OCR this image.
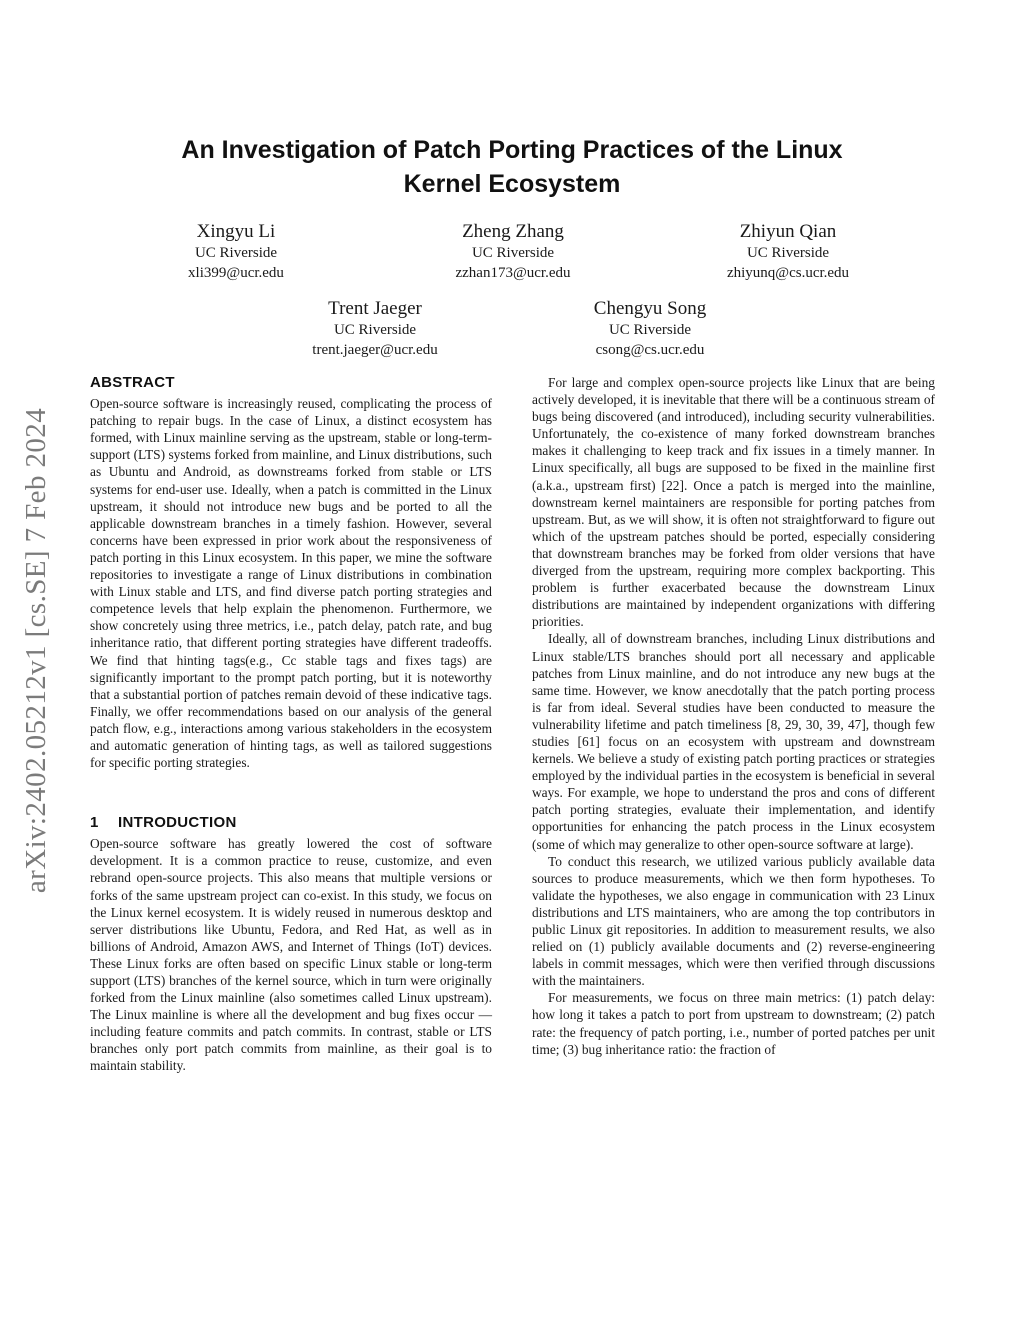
arXiv:2402.05212v1 [cs.SE] 7 Feb 2024
An Investigation of Patch Porting Practices of the Linux Kernel Ecosystem
Xingyu Li
UC Riverside
xli399@ucr.edu
Zheng Zhang
UC Riverside
zzhan173@ucr.edu
Zhiyun Qian
UC Riverside
zhiyunq@cs.ucr.edu
Trent Jaeger
UC Riverside
trent.jaeger@ucr.edu
Chengyu Song
UC Riverside
csong@cs.ucr.edu
ABSTRACT

Open-source software is increasingly reused, complicating the process of patching to repair bugs. In the case of Linux, a distinct ecosystem has formed, with Linux mainline serving as the upstream, stable or long-term-support (LTS) systems forked from mainline, and Linux distributions, such as Ubuntu and Android, as downstreams forked from stable or LTS systems for end-user use. Ideally, when a patch is committed in the Linux upstream, it should not introduce new bugs and be ported to all the applicable downstream branches in a timely fashion. However, several concerns have been expressed in prior work about the responsiveness of patch porting in this Linux ecosystem. In this paper, we mine the software repositories to investigate a range of Linux distributions in combination with Linux stable and LTS, and find diverse patch porting strategies and competence levels that help explain the phenomenon. Furthermore, we show concretely using three metrics, i.e., patch delay, patch rate, and bug inheritance ratio, that different porting strategies have different tradeoffs. We find that hinting tags(e.g., Cc stable tags and fixes tags) are significantly important to the prompt patch porting, but it is noteworthy that a substantial portion of patches remain devoid of these indicative tags. Finally, we offer recommendations based on our analysis of the general patch flow, e.g., interactions among various stakeholders in the ecosystem and automatic generation of hinting tags, as well as tailored suggestions for specific porting strategies.

1 INTRODUCTION

Open-source software has greatly lowered the cost of software development. It is a common practice to reuse, customize, and even rebrand open-source projects. This also means that multiple versions or forks of the same upstream project can co-exist. In this study, we focus on the Linux kernel ecosystem. It is widely reused in numerous desktop and server distributions like Ubuntu, Fedora, and Red Hat, as well as in billions of Android, Amazon AWS, and Internet of Things (IoT) devices. These Linux forks are often based on specific Linux stable or long-term support (LTS) branches of the kernel source, which in turn were originally forked from the Linux mainline (also sometimes called Linux upstream). The Linux mainline is where all the development and bug fixes occur — including feature commits and patch commits. In contrast, stable or LTS branches only port patch commits from mainline, as their goal is to maintain stability.

For large and complex open-source projects like Linux that are being actively developed, it is inevitable that there will be a continuous stream of bugs being discovered (and introduced), including security vulnerabilities. Unfortunately, the co-existence of many forked downstream branches makes it challenging to keep track and fix issues in a timely manner. In Linux specifically, all bugs are supposed to be fixed in the mainline first (a.k.a., upstream first) [22]. Once a patch is merged into the mainline, downstream kernel maintainers are responsible for porting patches from upstream. But, as we will show, it is often not straightforward to figure out which of the upstream patches should be ported, especially considering that downstream branches may be forked from older versions that have diverged from the upstream, requiring more complex backporting. This problem is further exacerbated because the downstream Linux distributions are maintained by independent organizations with differing priorities.

Ideally, all of downstream branches, including Linux distributions and Linux stable/LTS branches should port all necessary and applicable patches from Linux mainline, and do not introduce any new bugs at the same time. However, we know anecdotally that the patch porting process is far from ideal. Several studies have been conducted to measure the vulnerability lifetime and patch timeliness [8, 29, 30, 39, 47], though few studies [61] focus on an ecosystem with upstream and downstream kernels. We believe a study of existing patch porting practices or strategies employed by the individual parties in the ecosystem is beneficial in several ways. For example, we hope to understand the pros and cons of different patch porting strategies, evaluate their implementation, and identify opportunities for enhancing the patch process in the Linux ecosystem (some of which may generalize to other open-source software at large).

To conduct this research, we utilized various publicly available data sources to produce measurements, which we then form hypotheses. To validate the hypotheses, we also engage in communication with 23 Linux distributions and LTS maintainers, who are among the top contributors in public Linux git repositories. In addition to measurement results, we also relied on (1) publicly available documents and (2) reverse-engineering labels in commit messages, which were then verified through discussions with the maintainers.

For measurements, we focus on three main metrics: (1) patch delay: how long it takes a patch to port from upstream to downstream; (2) patch rate: the frequency of patch porting, i.e., number of ported patches per unit time; (3) bug inheritance ratio: the fraction of
